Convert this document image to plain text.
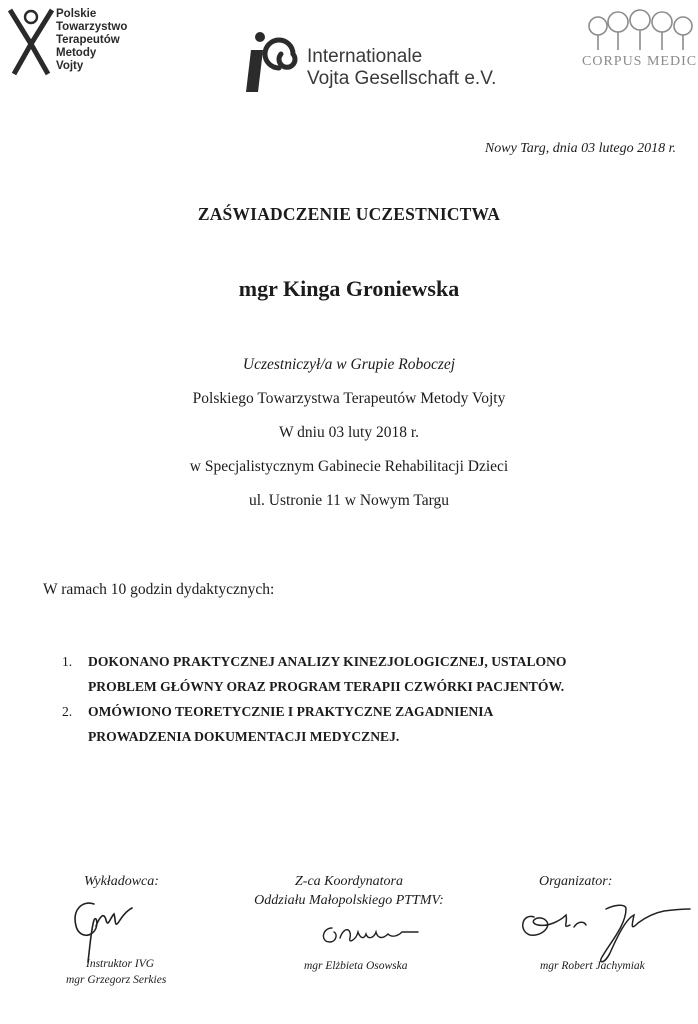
Polskie
Towarzystwo
Terapeutów
Metody
Vojty	Internationale
Vojta Gesellschaft e.V.
CORPUS MEDIC
Nowy Targ, dnia 03 lutego 2018 r.
ZAŚWIADCZENIE UCZESTNICTWA
mgr Kinga Groniewska
Uczestniczył/a w Grupie Roboczej
Polskiego Towarzystwa Terapeutów Metody Vojty
W dniu 03 luty 2018 r.
w Specjalistycznym Gabinecie Rehabilitacji Dzieci
ul. Ustronie 11 w Nowym Targu
W ramach 10 godzin dydaktycznych:
1. DOKONANO PRAKTYCZNEJ ANALIZY KINEZJOLOGICZNEJ, USTALONO
PROBLEM GŁÓWNY ORAZ PROGRAM TERAPII CZWÓRKI PACJENTÓW.
2. OMÓWIONO TEORETYCZNIE I PRAKTYCZNE ZAGADNIENIA
PROWADZENIA DOKUMENTACJI MEDYCZNEJ.
Wykładowca:
Instruktor IVG
mgr Grzegorz Serkies
Z-ca Koordynatora
Oddziału Małopolskiego PTTMV:
mgr Elżbieta Osowska
Organizator:
mgr Robert Jachymiak
